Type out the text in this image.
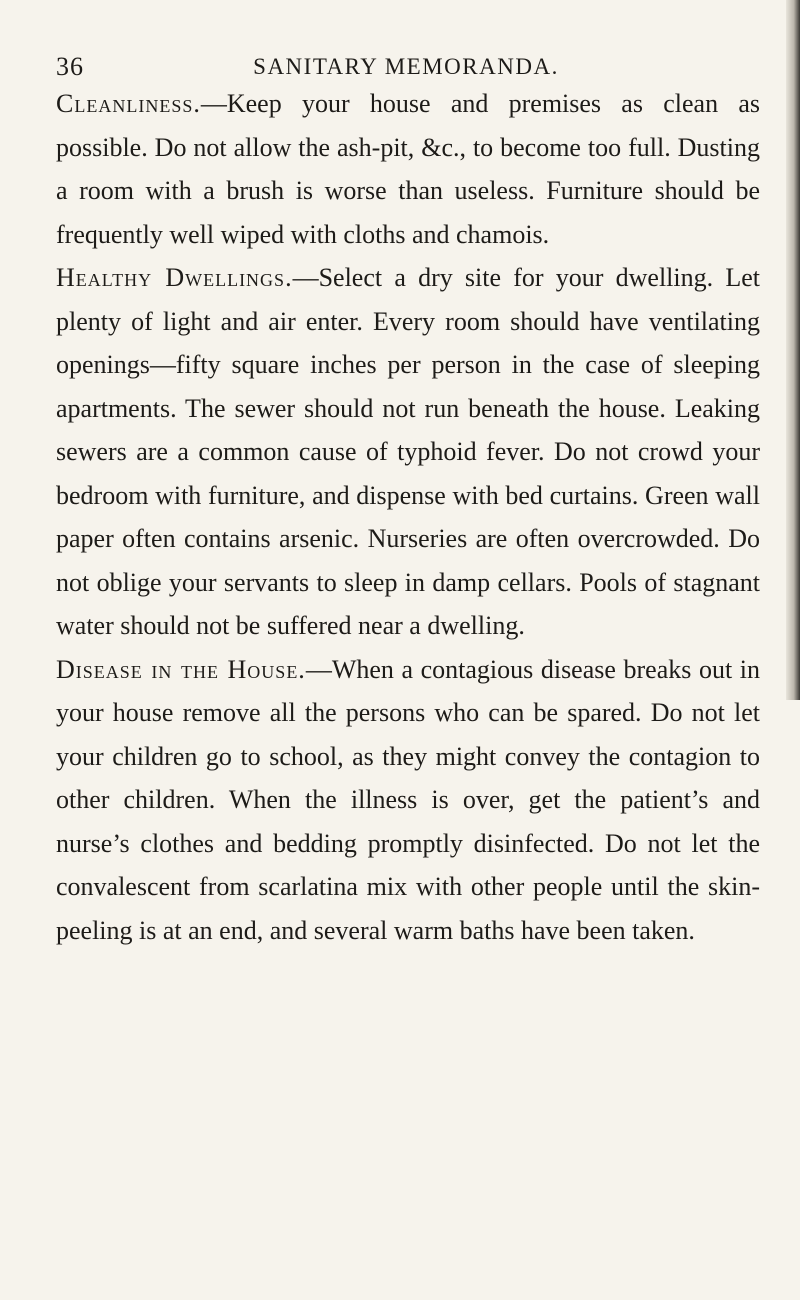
36	SANITARY MEMORANDA.

Cleanliness.—Keep your house and premises as clean as possible. Do not allow the ash-pit, &c., to become too full. Dusting a room with a brush is worse than useless. Furniture should be frequently well wiped with cloths and chamois.

Healthy Dwellings.—Select a dry site for your dwelling. Let plenty of light and air enter. Every room should have ventilating openings—fifty square inches per person in the case of sleeping apartments. The sewer should not run beneath the house. Leaking sewers are a common cause of typhoid fever. Do not crowd your bedroom with furniture, and dispense with bed curtains. Green wall paper often contains arsenic. Nurseries are often overcrowded. Do not oblige your servants to sleep in damp cellars. Pools of stagnant water should not be suffered near a dwelling.

Disease in the House.—When a contagious disease breaks out in your house remove all the persons who can be spared. Do not let your children go to school, as they might convey the contagion to other children. When the illness is over, get the patient’s and nurse’s clothes and bedding promptly disinfected. Do not let the convalescent from scarlatina mix with other people until the skin-peeling is at an end, and several warm baths have been taken.
